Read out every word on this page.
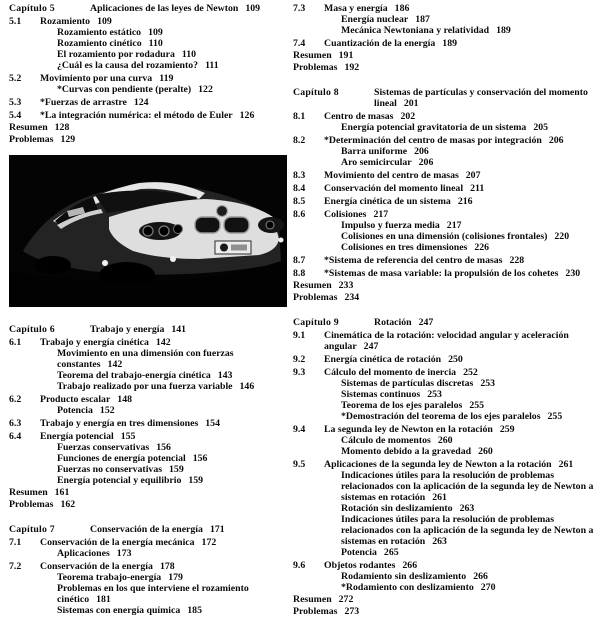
Capítulo 5	Aplicaciones de las leyes de Newton 109
5.1	Rozamiento 109
Rozamiento estático 109
Rozamiento cinético 110
El rozamiento por rodadura 110
¿Cuál es la causa del rozamiento? 111
5.2	Movimiento por una curva 119
*Curvas con pendiente (peralte) 122
5.3	*Fuerzas de arrastre 124
5.4	*La integración numérica: el método de Euler 126
Resumen 128
Problemas 129
Capítulo 6	Trabajo y energía 141
6.1	Trabajo y energía cinética 142
Movimiento en una dimensión con fuerzas constantes 142
Teorema del trabajo-energía cinética 143
Trabajo realizado por una fuerza variable 146
6.2	Producto escalar 148
Potencia 152
6.3	Trabajo y energía en tres dimensiones 154
6.4	Energía potencial 155
Fuerzas conservativas 156
Funciones de energía potencial 156
Fuerzas no conservativas 159
Energía potencial y equilibrio 159
Resumen 161
Problemas 162
Capítulo 7	Conservación de la energía 171
7.1	Conservación de la energía mecánica 172
Aplicaciones 173
7.2	Conservación de la energía 178
Teorema trabajo-energía 179
Problemas en los que interviene el rozamiento cinético 181
Sistemas con energía química 185
7.3	Masa y energía 186
Energía nuclear 187
Mecánica Newtoniana y relatividad 189
7.4	Cuantización de la energía 189
Resumen 191
Problemas 192
Capítulo 8	Sistemas de partículas y conservación del momento lineal 201
8.1	Centro de masas 202
Energía potencial gravitatoria de un sistema 205
8.2	*Determinación del centro de masas por integración 206
Barra uniforme 206
Aro semicircular 206
8.3	Movimiento del centro de masas 207
8.4	Conservación del momento lineal 211
8.5	Energía cinética de un sistema 216
8.6	Colisiones 217
Impulso y fuerza media 217
Colisiones en una dimensión (colisiones frontales) 220
Colisiones en tres dimensiones 226
8.7	*Sistema de referencia del centro de masas 228
8.8	*Sistemas de masa variable: la propulsión de los cohetes 230
Resumen 233
Problemas 234
Capítulo 9	Rotación 247
9.1	Cinemática de la rotación: velocidad angular y aceleración angular 247
9.2	Energía cinética de rotación 250
9.3	Cálculo del momento de inercia 252
Sistemas de partículas discretas 253
Sistemas continuos 253
Teorema de los ejes paralelos 255
*Demostración del teorema de los ejes paralelos 255
9.4	La segunda ley de Newton en la rotación 259
Cálculo de momentos 260
Momento debido a la gravedad 260
9.5	Aplicaciones de la segunda ley de Newton a la rotación 261
Indicaciones útiles para la resolución de problemas relacionados con la aplicación de la segunda ley de Newton a sistemas en rotación 261
Rotación sin deslizamiento 263
Indicaciones útiles para la resolución de problemas relacionados con la aplicación de la segunda ley de Newton a sistemas en rotación 263
Potencia 265
9.6	Objetos rodantes 266
Rodamiento sin deslizamiento 266
*Rodamiento con deslizamiento 270
Resumen 272
Problemas 273
